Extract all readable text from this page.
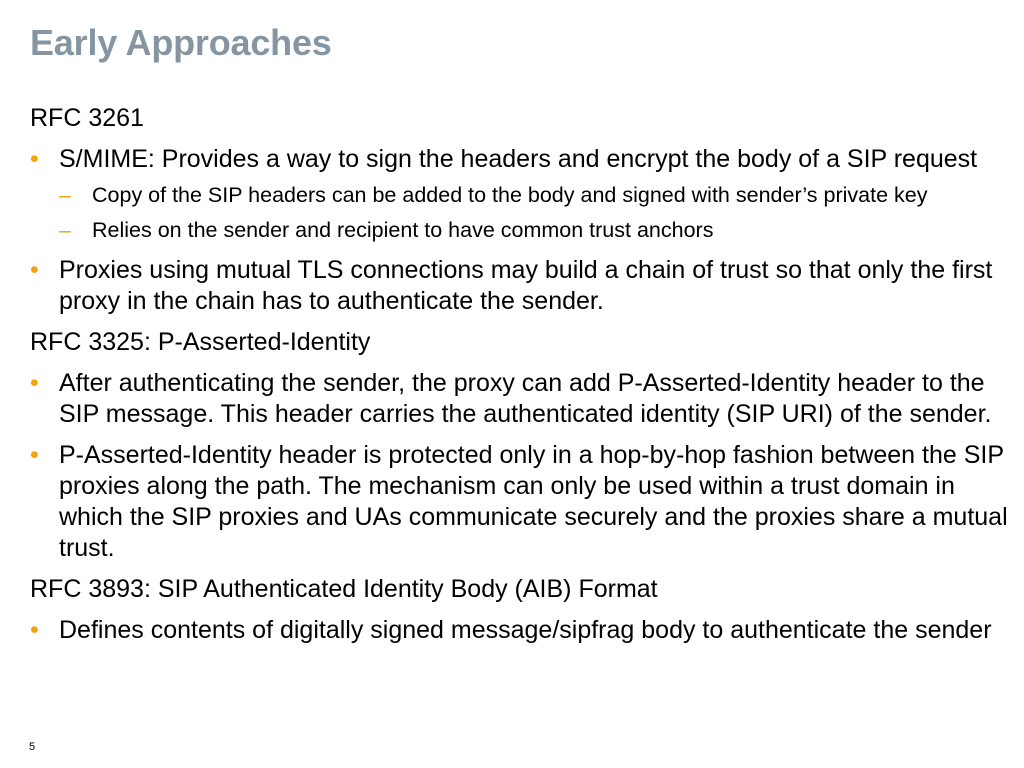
Early Approaches

RFC 3261

• S/MIME: Provides a way to sign the headers and encrypt the body of a SIP request
– Copy of the SIP headers can be added to the body and signed with sender’s private key
– Relies on the sender and recipient to have common trust anchors
• Proxies using mutual TLS connections may build a chain of trust so that only the first proxy in the chain has to authenticate the sender.

RFC 3325: P-Asserted-Identity

• After authenticating the sender, the proxy can add P-Asserted-Identity header to the SIP message. This header carries the authenticated identity (SIP URI) of the sender.
• P-Asserted-Identity header is protected only in a hop-by-hop fashion between the SIP proxies along the path. The mechanism can only be used within a trust domain in which the SIP proxies and UAs communicate securely and the proxies share a mutual trust.

RFC 3893: SIP Authenticated Identity Body (AIB) Format

• Defines contents of digitally signed message/sipfrag body to authenticate the sender
5
